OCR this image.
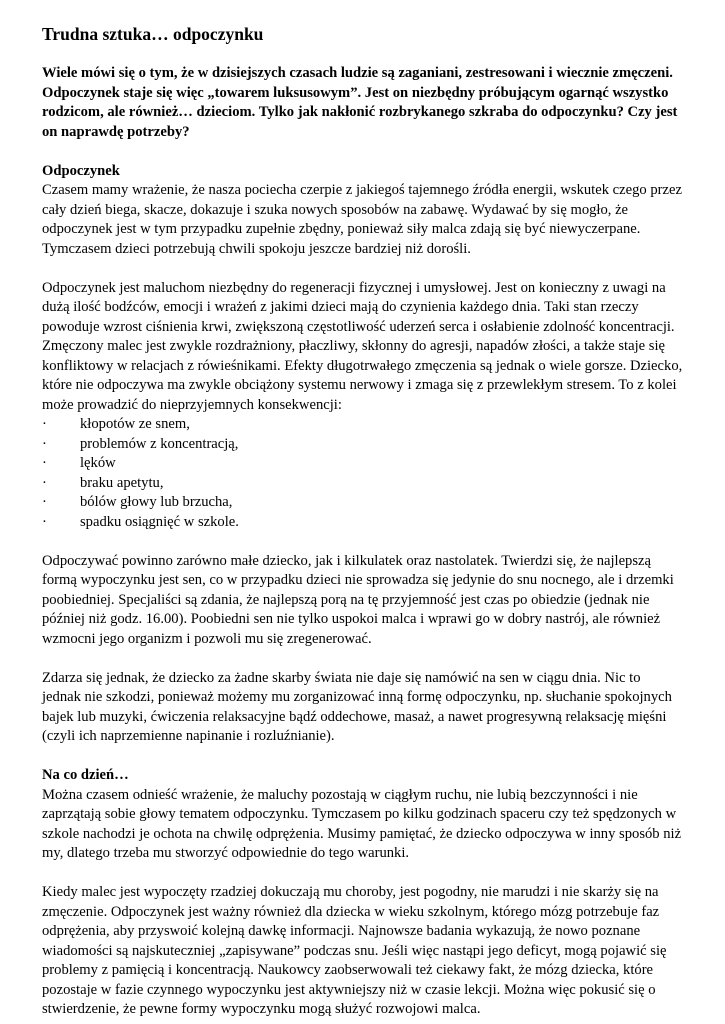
Trudna sztuka… odpoczynku

Wiele mówi się o tym, że w dzisiejszych czasach ludzie są zaganiani, zestresowani i wiecznie zmęczeni. Odpoczynek staje się więc „towarem luksusowym”. Jest on niezbędny próbującym ogarnąć wszystko rodzicom, ale również… dzieciom. Tylko jak nakłonić rozbrykanego szkraba do odpoczynku? Czy jest on naprawdę potrzeby?

Odpoczynek

Czasem mamy wrażenie, że nasza pociecha czerpie z jakiegoś tajemnego źródła energii, wskutek czego przez cały dzień biega, skacze, dokazuje i szuka nowych sposobów na zabawę. Wydawać by się mogło, że odpoczynek jest w tym przypadku zupełnie zbędny, ponieważ siły malca zdają się być niewyczerpane. Tymczasem dzieci potrzebują chwili spokoju jeszcze bardziej niż dorośli.

Odpoczynek jest maluchom niezbędny do regeneracji fizycznej i umysłowej. Jest on konieczny z uwagi na dużą ilość bodźców, emocji i wrażeń z jakimi dzieci mają do czynienia każdego dnia. Taki stan rzeczy powoduje wzrost ciśnienia krwi, zwiększoną częstotliwość uderzeń serca i osłabienie zdolność koncentracji. Zmęczony malec jest zwykle rozdrażniony, płaczliwy, skłonny do agresji, napadów złości, a także staje się konfliktowy w relacjach z rówieśnikami. Efekty długotrwałego zmęczenia są jednak o wiele gorsze. Dziecko, które nie odpoczywa ma zwykle obciążony systemu nerwowy i zmaga się z przewlekłym stresem. To z kolei może prowadzić do nieprzyjemnych konsekwencji:

·	kłopotów ze snem,
·	problemów z koncentracją,
·	lęków
·	braku apetytu,
·	bólów głowy lub brzucha,
·	spadku osiągnięć w szkole.

Odpoczywać powinno zarówno małe dziecko, jak i kilkulatek oraz nastolatek. Twierdzi się, że najlepszą formą wypoczynku jest sen, co w przypadku dzieci nie sprowadza się jedynie do snu nocnego, ale i drzemki poobiedniej. Specjaliści są zdania, że najlepszą porą na tę przyjemność jest czas po obiedzie (jednak nie później niż godz. 16.00). Poobiedni sen nie tylko uspokoi malca i wprawi go w dobry nastrój, ale również wzmocni jego organizm i pozwoli mu się zregenerować.

Zdarza się jednak, że dziecko za żadne skarby świata nie daje się namówić na sen w ciągu dnia. Nic to jednak nie szkodzi, ponieważ możemy mu zorganizować inną formę odpoczynku, np. słuchanie spokojnych bajek lub muzyki, ćwiczenia relaksacyjne bądź oddechowe, masaż, a nawet progresywną relaksację mięśni (czyli ich naprzemienne napinanie i rozluźnianie).

Na co dzień…

Można czasem odnieść wrażenie, że maluchy pozostają w ciągłym ruchu, nie lubią bezczynności i nie zaprzątają sobie głowy tematem odpoczynku. Tymczasem po kilku godzinach spaceru czy też spędzonych w szkole nachodzi je ochota na chwilę odprężenia. Musimy pamiętać, że dziecko odpoczywa w inny sposób niż my, dlatego trzeba mu stworzyć odpowiednie do tego warunki.

Kiedy malec jest wypoczęty rzadziej dokuczają mu choroby, jest pogodny, nie marudzi i nie skarży się na zmęczenie. Odpoczynek jest ważny również dla dziecka w wieku szkolnym, którego mózg potrzebuje faz odprężenia, aby przyswoić kolejną dawkę informacji. Najnowsze badania wykazują, że nowo poznane wiadomości są najskuteczniej „zapisywane” podczas snu. Jeśli więc nastąpi jego deficyt, mogą pojawić się problemy z pamięcią i koncentracją. Naukowcy zaobserwowali też ciekawy fakt, że mózg dziecka, które pozostaje w fazie czynnego wypoczynku jest aktywniejszy niż w czasie lekcji. Można więc pokusić się o stwierdzenie, że pewne formy wypoczynku mogą służyć rozwojowi malca.
